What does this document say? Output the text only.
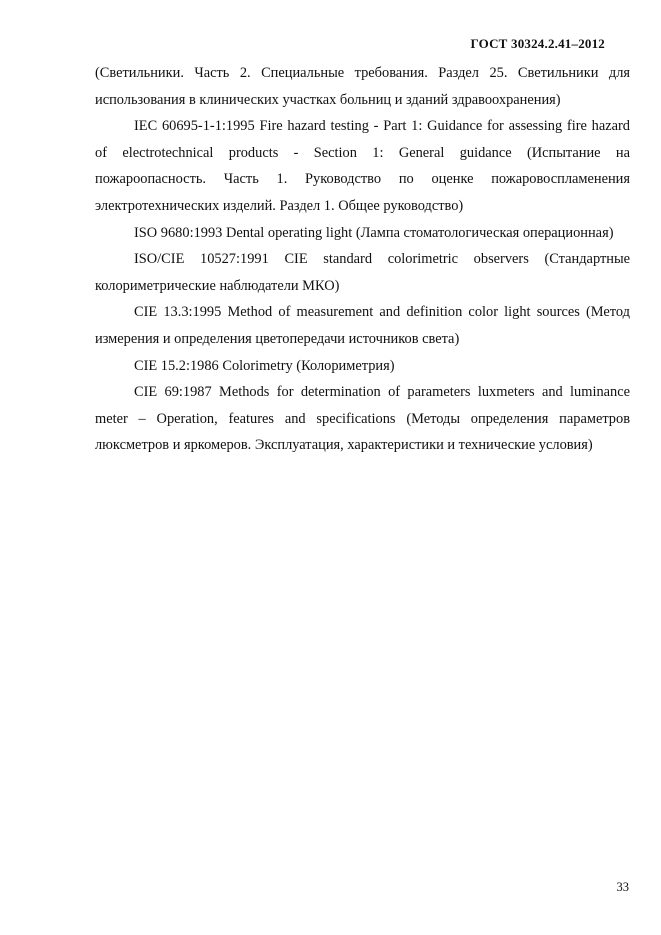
ГОСТ 30324.2.41–2012

(Светильники. Часть 2. Специальные требования. Раздел 25. Светильники для использования в клинических участках больниц и зданий здравоохранения)

IEC 60695-1-1:1995 Fire hazard testing - Part 1: Guidance for assessing fire hazard of electrotechnical products - Section 1: General guidance (Испытание на пожароопасность. Часть 1. Руководство по оценке пожаровоспламенения электротехнических изделий. Раздел 1. Общее руководство)

ISO 9680:1993 Dental operating light (Лампа стоматологическая операционная)

ISO/CIE 10527:1991 CIE standard colorimetric observers (Стандартные колориметрические наблюдатели МКО)

CIE 13.3:1995 Method of measurement and definition color light sources (Метод измерения и определения цветопередачи источников света)

CIE 15.2:1986 Colorimetry (Колориметрия)

CIE 69:1987 Methods for determination of parameters luxmeters and luminance meter – Operation, features and specifications (Методы определения параметров люксметров и яркомеров. Эксплуатация, характеристики и технические условия)

33
